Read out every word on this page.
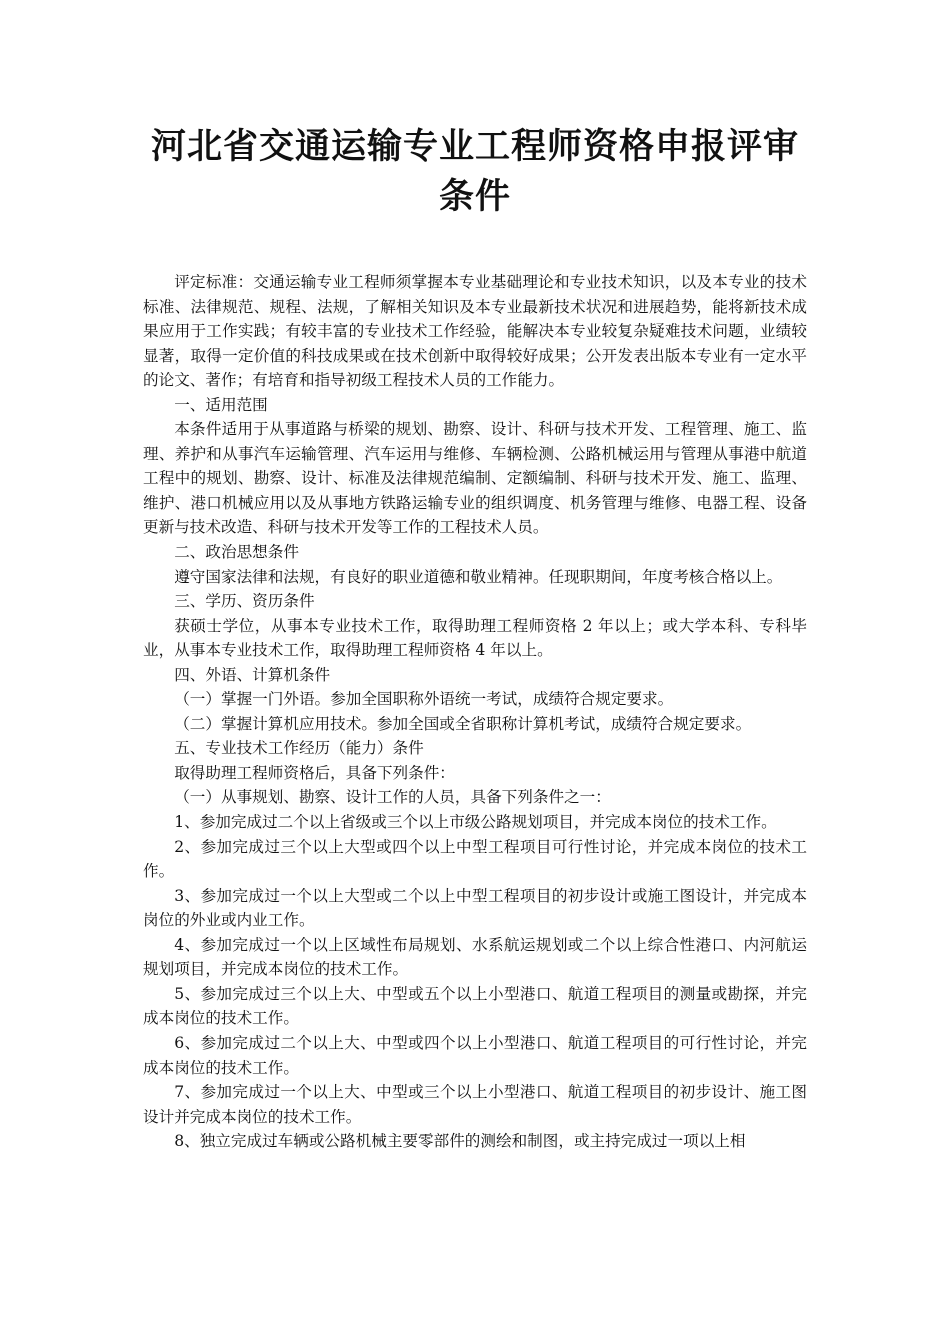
河北省交通运输专业工程师资格申报评审
条件

评定标准：交通运输专业工程师须掌握本专业基础理论和专业技术知识，以及本专业的技术标准、法律规范、规程、法规，了解相关知识及本专业最新技术状况和进展趋势，能将新技术成果应用于工作实践；有较丰富的专业技术工作经验，能解决本专业较复杂疑难技术问题，业绩较显著，取得一定价值的科技成果或在技术创新中取得较好成果；公开发表出版本专业有一定水平的论文、著作；有培育和指导初级工程技术人员的工作能力。

一、适用范围

本条件适用于从事道路与桥梁的规划、勘察、设计、科研与技术开发、工程管理、施工、监理、养护和从事汽车运输管理、汽车运用与维修、车辆检测、公路机械运用与管理从事港中航道工程中的规划、勘察、设计、标准及法律规范编制、定额编制、科研与技术开发、施工、监理、维护、港口机械应用以及从事地方铁路运输专业的组织调度、机务管理与维修、电器工程、设备更新与技术改造、科研与技术开发等工作的工程技术人员。

二、政治思想条件

遵守国家法律和法规，有良好的职业道德和敬业精神。任现职期间，年度考核合格以上。

三、学历、资历条件

获硕士学位，从事本专业技术工作，取得助理工程师资格 2 年以上；或大学本科、专科毕业，从事本专业技术工作，取得助理工程师资格 4 年以上。

四、外语、计算机条件

（一）掌握一门外语。参加全国职称外语统一考试，成绩符合规定要求。

（二）掌握计算机应用技术。参加全国或全省职称计算机考试，成绩符合规定要求。

五、专业技术工作经历（能力）条件

取得助理工程师资格后，具备下列条件：

（一）从事规划、勘察、设计工作的人员，具备下列条件之一：

1、参加完成过二个以上省级或三个以上市级公路规划项目，并完成本岗位的技术工作。

2、参加完成过三个以上大型或四个以上中型工程项目可行性讨论，并完成本岗位的技术工作。

3、参加完成过一个以上大型或二个以上中型工程项目的初步设计或施工图设计，并完成本岗位的外业或内业工作。

4、参加完成过一个以上区域性布局规划、水系航运规划或二个以上综合性港口、内河航运规划项目，并完成本岗位的技术工作。

5、参加完成过三个以上大、中型或五个以上小型港口、航道工程项目的测量或勘探，并完成本岗位的技术工作。

6、参加完成过二个以上大、中型或四个以上小型港口、航道工程项目的可行性讨论，并完成本岗位的技术工作。

7、参加完成过一个以上大、中型或三个以上小型港口、航道工程项目的初步设计、施工图设计并完成本岗位的技术工作。

8、独立完成过车辆或公路机械主要零部件的测绘和制图，或主持完成过一项以上相
